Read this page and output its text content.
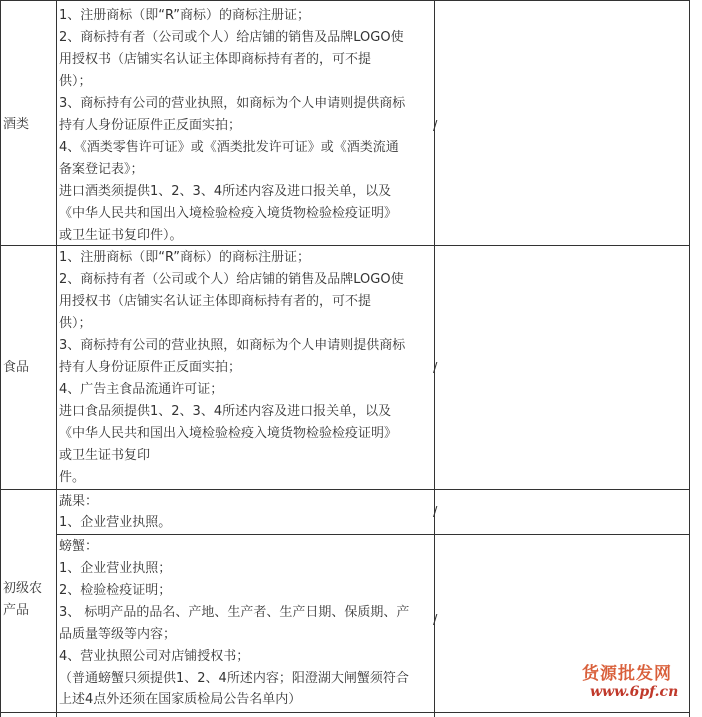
酒类
1、注册商标（即“R”商标）的商标注册证；
2、商标持有者（公司或个人）给店铺的销售及品牌LOGO使
用授权书（店铺实名认证主体即商标持有者的，可不提
供）；
3、商标持有公司的营业执照，如商标为个人申请则提供商标
持有人身份证原件正反面实拍；
4、《酒类零售许可证》或《酒类批发许可证》或《酒类流通
备案登记表》；
进口酒类须提供1、2、3、4所述内容及进口报关单，以及
《中华人民共和国出入境检验检疫入境货物检验检疫证明》
或卫生证书复印件）。
/
食品
1、注册商标（即“R”商标）的商标注册证；
2、商标持有者（公司或个人）给店铺的销售及品牌LOGO使
用授权书（店铺实名认证主体即商标持有者的，可不提
供）；
3、商标持有公司的营业执照，如商标为个人申请则提供商标
持有人身份证原件正反面实拍；
4、广告主食品流通许可证；
进口食品须提供1、2、3、4所述内容及进口报关单，以及
《中华人民共和国出入境检验检疫入境货物检验检疫证明》
或卫生证书复印
件。
/
初级农
产品
蔬果：
1、企业营业执照。
/
螃蟹：
1、企业营业执照；
2、检验检疫证明；
3、 标明产品的品名、产地、生产者、生产日期、保质期、产
品质量等级等内容；
4、营业执照公司对店铺授权书；
（普通螃蟹只须提供1、2、4所述内容；阳澄湖大闸蟹须符合
上述4点外还须在国家质检局公告名单内）
/
货源批发网
www.6pf.cn
